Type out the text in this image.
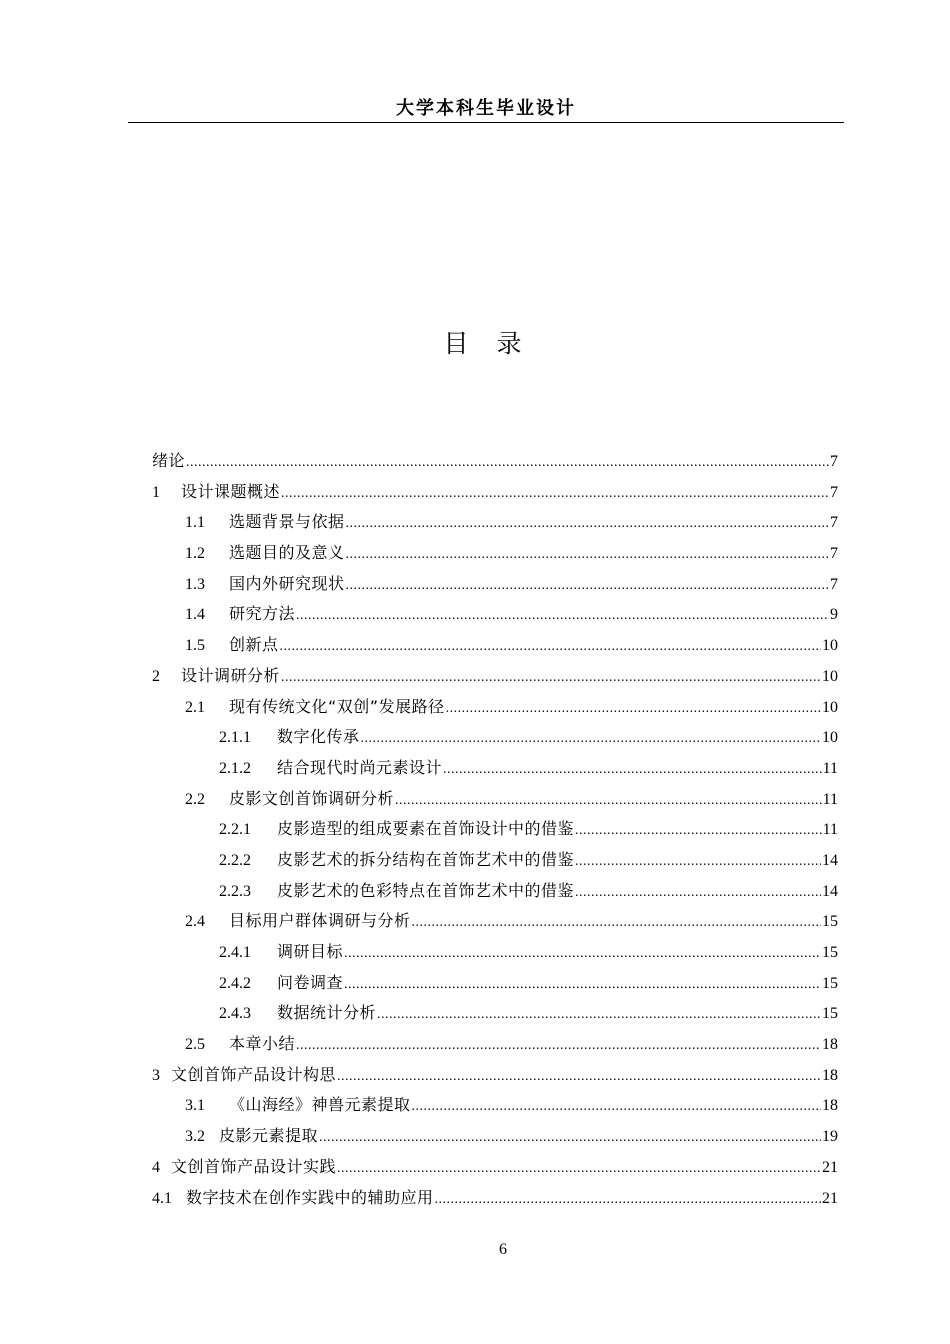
大学本科生毕业设计
目 录
绪论 .....	7
1	设计课题概述 .....	7
1.1	选题背景与依据 .....	7
1.2	选题目的及意义 .....	7
1.3	国内外研究现状 .....	7
1.4	研究方法 .....	9
1.5	创新点 .....	10
2	设计调研分析 .....	10
2.1	现有传统文化“双创”发展路径 .....	10
2.1.1	数字化传承 .....	10
2.1.2	结合现代时尚元素设计 .....	11
2.2	皮影文创首饰调研分析 .....	11
2.2.1	皮影造型的组成要素在首饰设计中的借鉴 .....	11
2.2.2	皮影艺术的拆分结构在首饰艺术中的借鉴 .....	14
2.2.3	皮影艺术的色彩特点在首饰艺术中的借鉴 .....	14
2.4	目标用户群体调研与分析 .....	15
2.4.1	调研目标 .....	15
2.4.2	问卷调查 .....	15
2.4.3	数据统计分析 .....	15
2.5	本章小结 .....	18
3 文创首饰产品设计构思 .....	18
3.1	《山海经》神兽元素提取 .....	18
3.2 皮影元素提取 .....	19
4 文创首饰产品设计实践 .....	21
4.1 数字技术在创作实践中的辅助应用 .....	21
6
